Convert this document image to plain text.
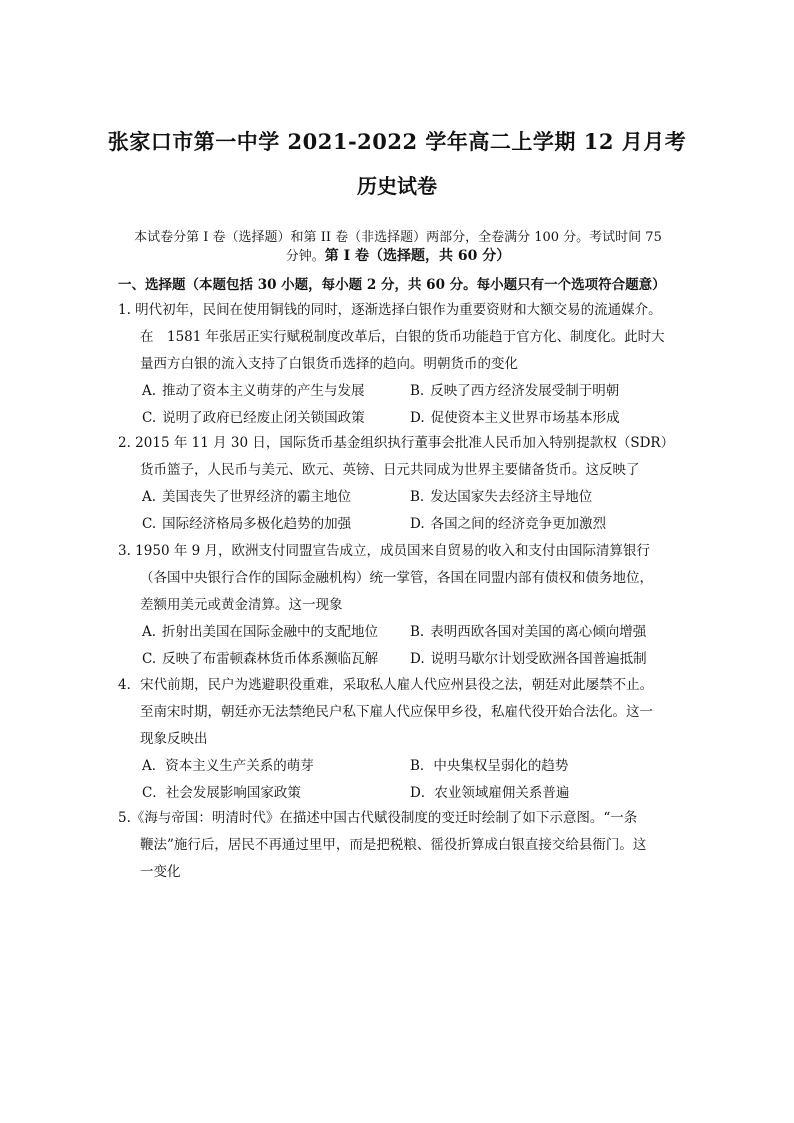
张家口市第一中学 2021-2022 学年高二上学期 12 月月考
历史试卷
本试卷分第 I 卷（选择题）和第 II 卷（非选择题）两部分，全卷满分 100 分。考试时间 75
分钟。第 I 卷（选择题，共 60 分）
一、选择题（本题包括 30 小题，每小题 2 分，共 60 分。每小题只有一个选项符合题意）
1. 明代初年，民间在使用铜钱的同时，逐渐选择白银作为重要资财和大额交易的流通媒介。
在　1581 年张居正实行赋税制度改革后，白银的货币功能趋于官方化、制度化。此时大
量西方白银的流入支持了白银货币选择的趋向。明朝货币的变化
A. 推动了资本主义萌芽的产生与发展	B. 反映了西方经济发展受制于明朝
C. 说明了政府已经废止闭关锁国政策	D. 促使资本主义世界市场基本形成
2. 2015 年 11 月 30 日，国际货币基金组织执行董事会批准人民币加入特别提款权（SDR）
货币篮子，人民币与美元、欧元、英镑、日元共同成为世界主要储备货币。这反映了
A. 美国丧失了世界经济的霸主地位	B. 发达国家失去经济主导地位
C. 国际经济格局多极化趋势的加强	D. 各国之间的经济竞争更加激烈
3. 1950 年 9 月，欧洲支付同盟宣告成立，成员国来自贸易的收入和支付由国际清算银行
（各国中央银行合作的国际金融机构）统一掌管，各国在同盟内部有债权和债务地位，
差额用美元或黄金清算。这一现象
A. 折射出美国在国际金融中的支配地位 B. 表明西欧各国对美国的离心倾向增强
C. 反映了布雷顿森林货币体系濒临瓦解 D. 说明马歇尔计划受欧洲各国普遍抵制
4．宋代前期，民户为逃避职役重难，采取私人雇人代应州县役之法，朝廷对此屡禁不止。
至南宋时期，朝廷亦无法禁绝民户私下雇人代应保甲乡役，私雇代役开始合法化。这一
现象反映出
A．资本主义生产关系的萌芽	B．中央集权呈弱化的趋势
C．社会发展影响国家政策	D．农业领域雇佣关系普遍
5.《海与帝国：明清时代》在描述中国古代赋役制度的变迁时绘制了如下示意图。“一条
鞭法”施行后，居民不再通过里甲，而是把税粮、徭役折算成白银直接交给县衙门。这
一变化
